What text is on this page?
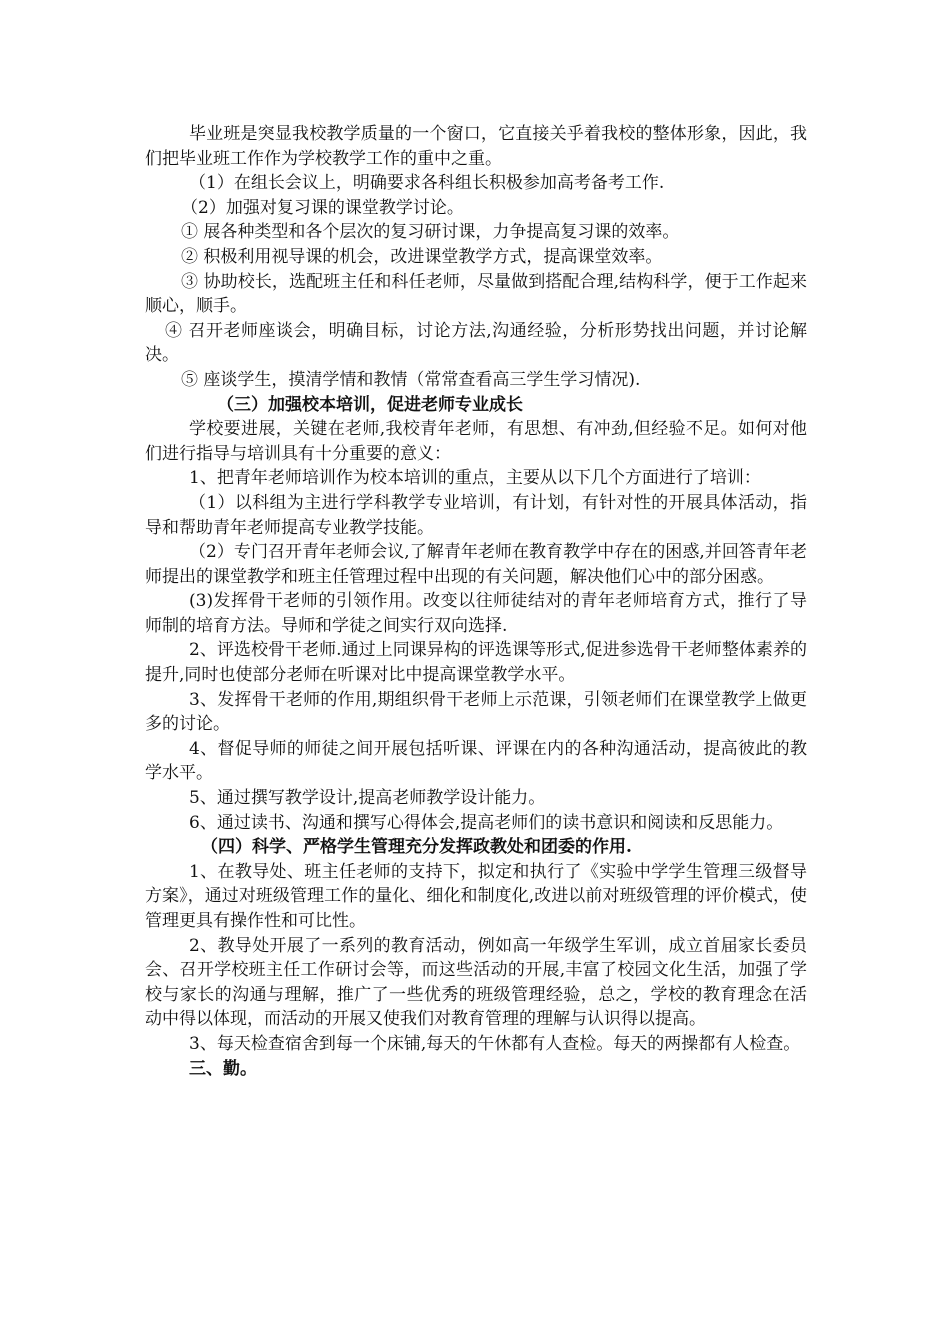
毕业班是突显我校教学质量的一个窗口，它直接关乎着我校的整体形象，因此，我们把毕业班工作作为学校教学工作的重中之重。

（1）在组长会议上，明确要求各科组长积极参加高考备考工作.

（2）加强对复习课的课堂教学讨论。

① 展各种类型和各个层次的复习研讨课，力争提高复习课的效率。

② 积极利用视导课的机会，改进课堂教学方式，提高课堂效率。

③ 协助校长，选配班主任和科任老师，尽量做到搭配合理,结构科学，便于工作起来顺心，顺手。

④ 召开老师座谈会，明确目标，讨论方法,沟通经验，分析形势找出问题，并讨论解决。

⑤ 座谈学生，摸清学情和教情（常常查看高三学生学习情况).

（三）加强校本培训，促进老师专业成长

学校要进展，关键在老师,我校青年老师，有思想、有冲劲,但经验不足。如何对他们进行指导与培训具有十分重要的意义：

1、把青年老师培训作为校本培训的重点，主要从以下几个方面进行了培训：

（1）以科组为主进行学科教学专业培训，有计划，有针对性的开展具体活动，指导和帮助青年老师提高专业教学技能。

（2）专门召开青年老师会议,了解青年老师在教育教学中存在的困惑,并回答青年老师提出的课堂教学和班主任管理过程中出现的有关问题，解决他们心中的部分困惑。

(3)发挥骨干老师的引领作用。改变以往师徒结对的青年老师培育方式，推行了导师制的培育方法。导师和学徒之间实行双向选择.

2、评选校骨干老师.通过上同课异构的评选课等形式,促进参选骨干老师整体素养的提升,同时也使部分老师在听课对比中提高课堂教学水平。

3、发挥骨干老师的作用,期组织骨干老师上示范课，引领老师们在课堂教学上做更多的讨论。

4、督促导师的师徒之间开展包括听课、评课在内的各种沟通活动，提高彼此的教学水平。

5、通过撰写教学设计,提高老师教学设计能力。

6、通过读书、沟通和撰写心得体会,提高老师们的读书意识和阅读和反思能力。

（四）科学、严格学生管理充分发挥政教处和团委的作用.

1、在教导处、班主任老师的支持下，拟定和执行了《实验中学学生管理三级督导方案》，通过对班级管理工作的量化、细化和制度化,改进以前对班级管理的评价模式，使管理更具有操作性和可比性。

2、教导处开展了一系列的教育活动，例如高一年级学生军训，成立首届家长委员会、召开学校班主任工作研讨会等，而这些活动的开展,丰富了校园文化生活，加强了学校与家长的沟通与理解，推广了一些优秀的班级管理经验，总之，学校的教育理念在活动中得以体现，而活动的开展又使我们对教育管理的理解与认识得以提高。

3、每天检查宿舍到每一个床铺,每天的午休都有人查检。每天的两操都有人检查。

三、勤。
